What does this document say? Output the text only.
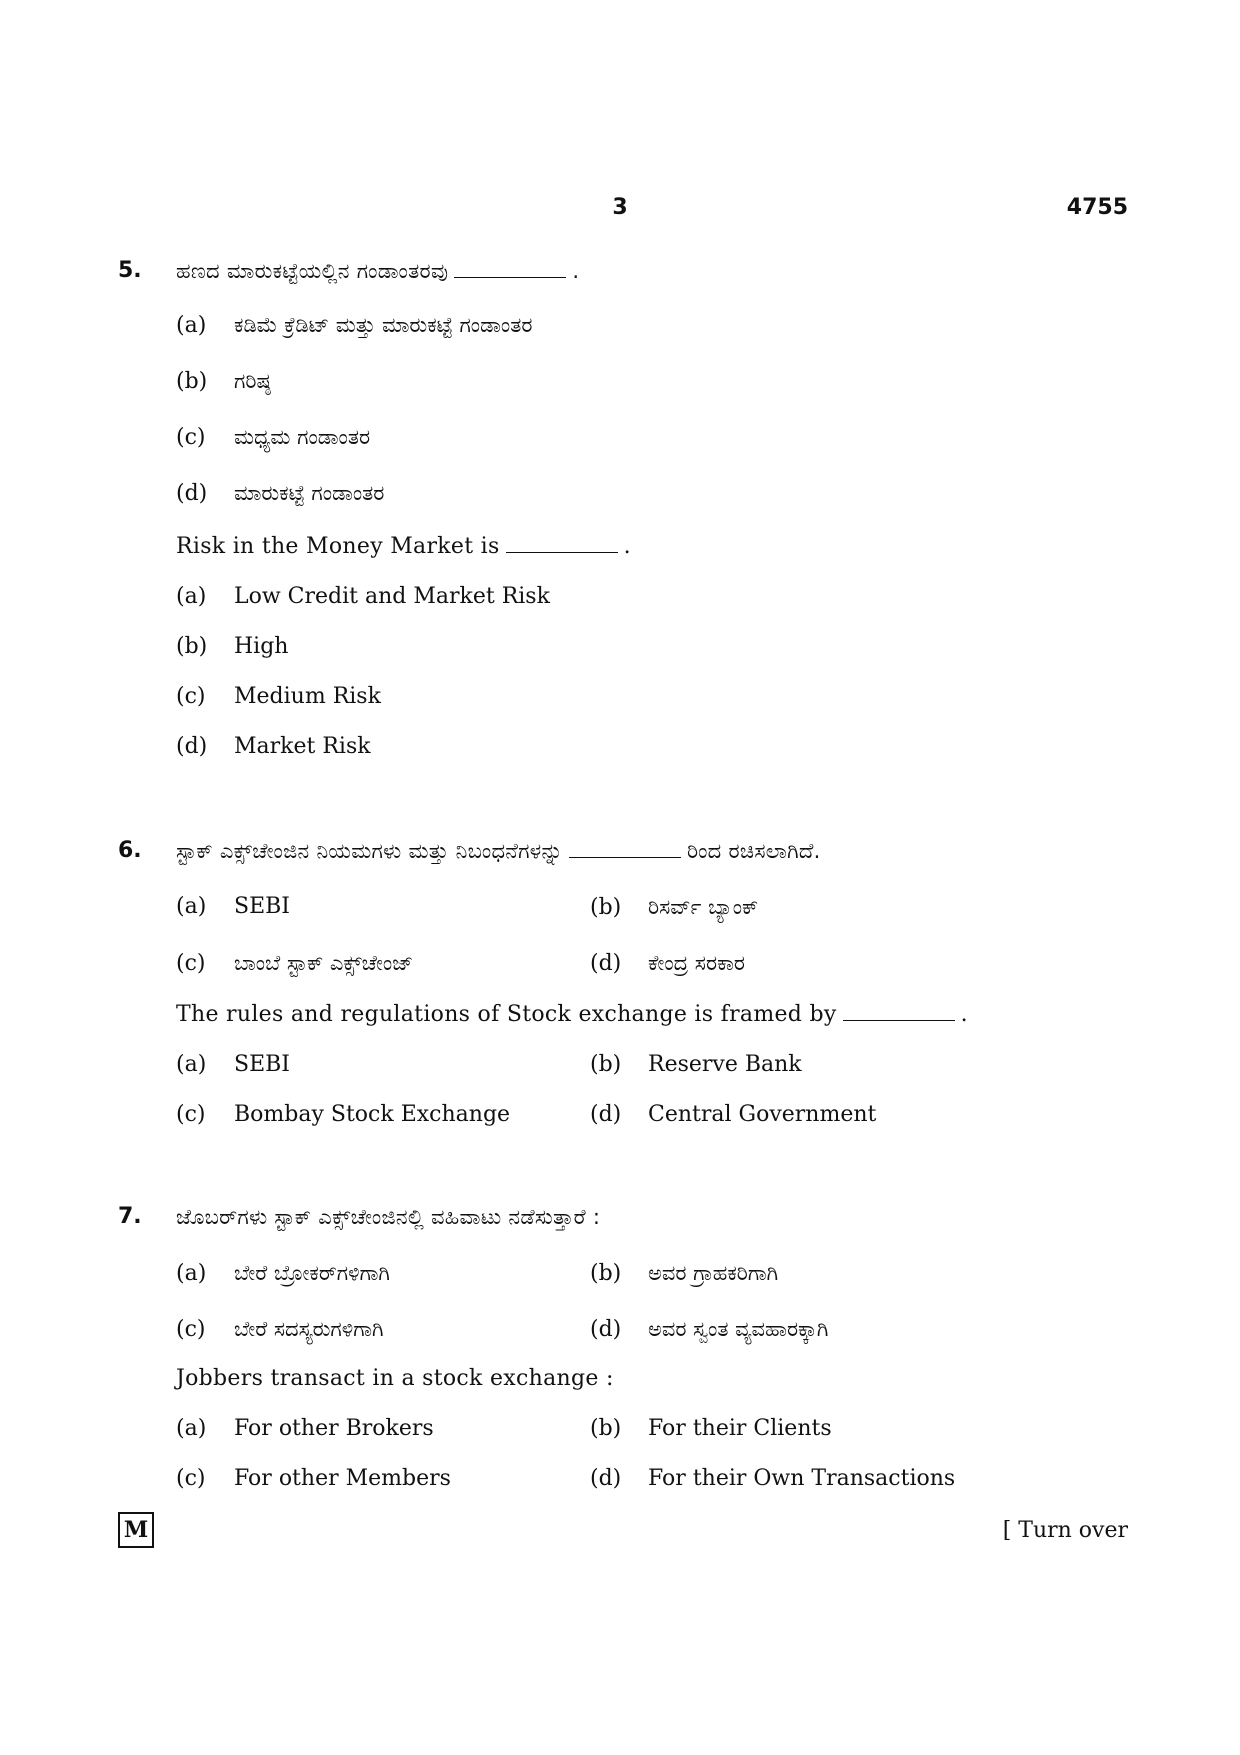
3	4755
5. ಹಣದ ಮಾರುಕಟ್ಟೆಯಲ್ಲಿನ ಗಂಡಾಂತರವು	.
(a) ಕಡಿಮೆ ಕ್ರೆಡಿಟ್ ಮತ್ತು ಮಾರುಕಟ್ಟೆ ಗಂಡಾಂತರ
(b) ಗರಿಷ್ಠ
(c) ಮಧ್ಯಮ ಗಂಡಾಂತರ
(d) ಮಾರುಕಟ್ಟೆ ಗಂಡಾಂತರ
Risk in the Money Market is	.
(a) Low Credit and Market Risk
(b) High
(c) Medium Risk
(d) Market Risk
6. ಸ್ಟಾಕ್ ಎಕ್ಸ್‌ಚೇಂಜಿನ ನಿಯಮಗಳು ಮತ್ತು ನಿಬಂಧನೆಗಳನ್ನು	ರಿಂದ ರಚಿಸಲಾಗಿದೆ.
(a) SEBI	(b) ರಿಸರ್ವ್ ಬ್ಯಾಂಕ್
(c) ಬಾಂಬೆ ಸ್ಟಾಕ್ ಎಕ್ಸ್‌ಚೇಂಜ್	(d) ಕೇಂದ್ರ ಸರಕಾರ
The rules and regulations of Stock exchange is framed by	.
(a) SEBI	(b) Reserve Bank
(c) Bombay Stock Exchange	(d) Central Government
7. ಜೊಬರ್‌ಗಳು ಸ್ಟಾಕ್ ಎಕ್ಸ್‌ಚೇಂಜಿನಲ್ಲಿ ವಹಿವಾಟು ನಡೆಸುತ್ತಾರೆ :
(a) ಬೇರೆ ಬ್ರೋಕರ್‌ಗಳಿಗಾಗಿ	(b) ಅವರ ಗ್ರಾಹಕರಿಗಾಗಿ
(c) ಬೇರೆ ಸದಸ್ಯರುಗಳಿಗಾಗಿ	(d) ಅವರ ಸ್ವಂತ ವ್ಯವಹಾರಕ್ಕಾಗಿ
Jobbers transact in a stock exchange :
(a) For other Brokers	(b) For their Clients
(c) For other Members	(d) For their Own Transactions
M	[ Turn over
